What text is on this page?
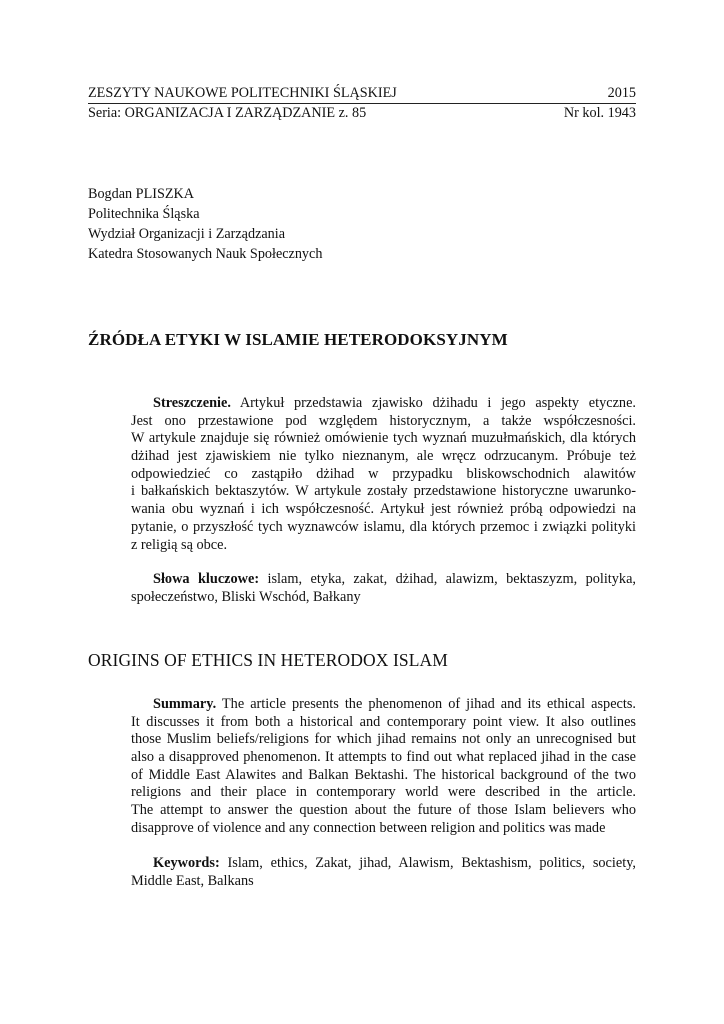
ZESZYTY NAUKOWE POLITECHNIKI ŚLĄSKIEJ	2015
Seria: ORGANIZACJA I ZARZĄDZANIE z. 85	Nr kol. 1943
Bogdan PLISZKA
Politechnika Śląska
Wydział Organizacji i Zarządzania
Katedra Stosowanych Nauk Społecznych
ŹRÓDŁA ETYKI W ISLAMIE HETERODOKSYJNYM
Streszczenie. Artykuł przedstawia zjawisko dżihadu i jego aspekty etyczne.
Jest ono przestawione pod względem historycznym, a także współczesności.
W artykule znajduje się również omówienie tych wyznań muzułmańskich, dla których
dżihad jest zjawiskiem nie tylko nieznanym, ale wręcz odrzucanym. Próbuje też
odpowiedzieć co zastąpiło dżihad w przypadku bliskowschodnich alawitów
i bałkańskich bektaszytów. W artykule zostały przedstawione historyczne uwarunko-
wania obu wyznań i ich współczesność. Artykuł jest również próbą odpowiedzi na
pytanie, o przyszłość tych wyznawców islamu, dla których przemoc i związki polityki
z religią są obce.
Słowa kluczowe: islam, etyka, zakat, dżihad, alawizm, bektaszyzm, polityka,
społeczeństwo, Bliski Wschód, Bałkany
ORIGINS OF ETHICS IN HETERODOX ISLAM
Summary. The article presents the phenomenon of jihad and its ethical aspects.
It discusses it from both a historical and contemporary point view. It also outlines
those Muslim beliefs/religions for which jihad remains not only an unrecognised but
also a disapproved phenomenon. It attempts to find out what replaced jihad in the case
of Middle East Alawites and Balkan Bektashi. The historical background of the two
religions and their place in contemporary world were described in the article.
The attempt to answer the question about the future of those Islam believers who
disapprove of violence and any connection between religion and politics was made
Keywords: Islam, ethics, Zakat, jihad, Alawism, Bektashism, politics, society,
Middle East, Balkans
